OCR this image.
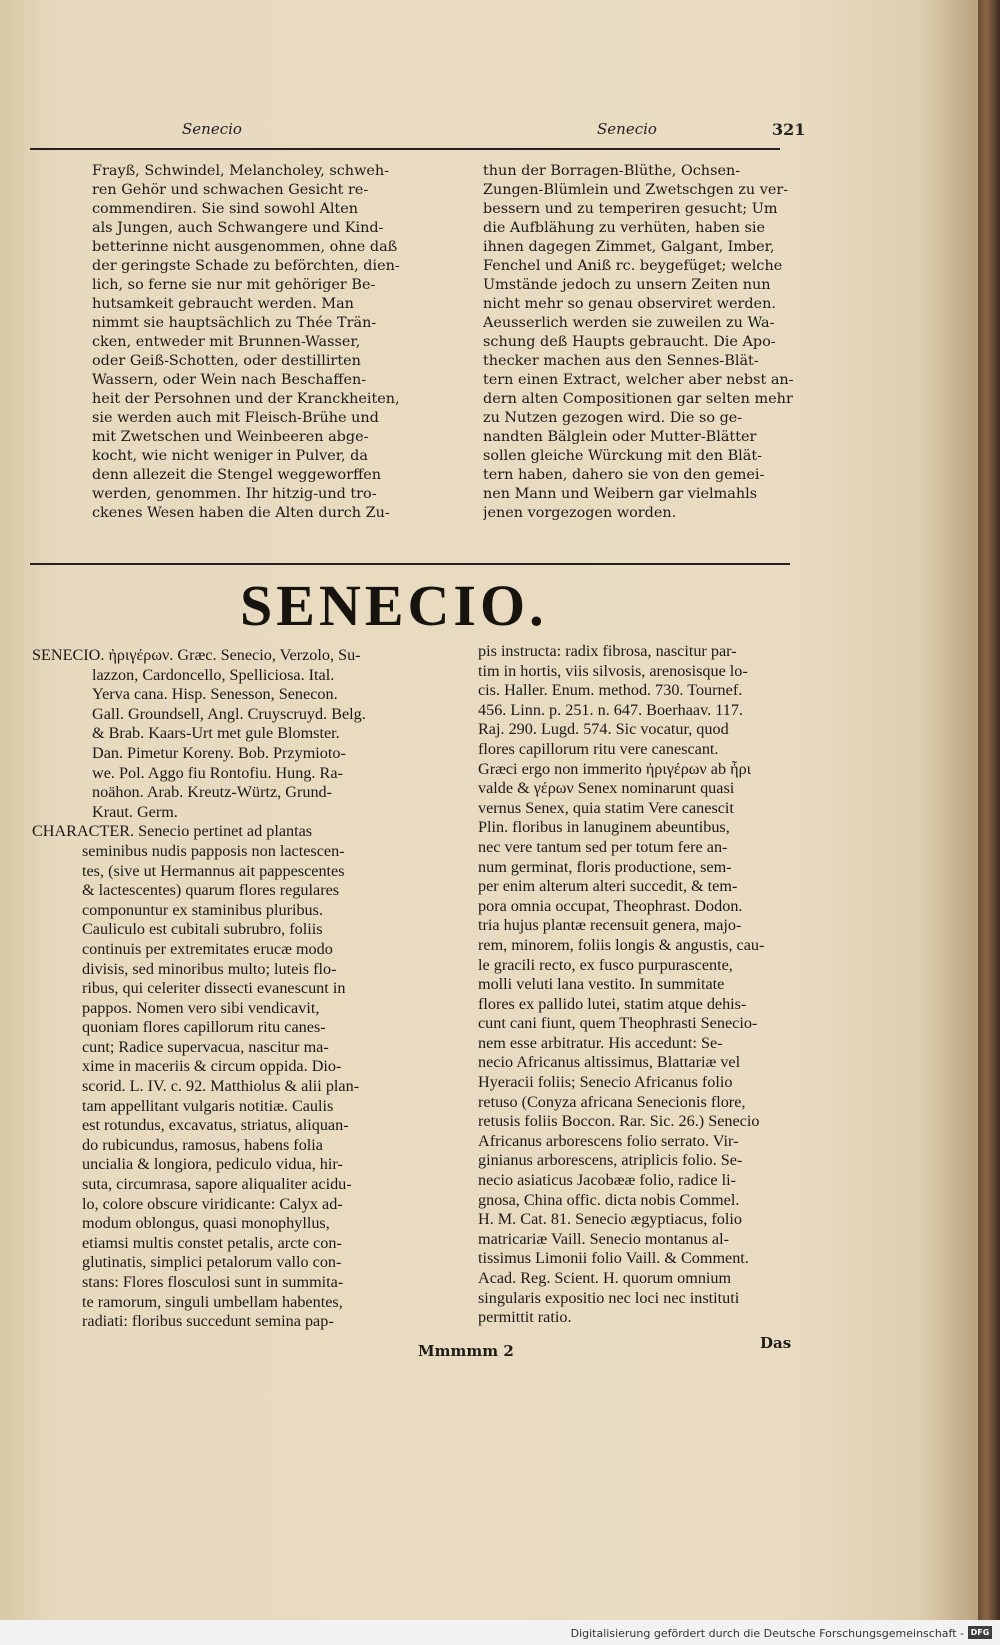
Senecio	Senecio	321
Frayß, Schwindel, Melancholey, schweh-
ren Gehör und schwachen Gesicht re-
commendiren. Sie sind sowohl Alten
als Jungen, auch Schwangere und Kind-
betterinne nicht ausgenommen, ohne daß
der geringste Schade zu beförchten, dien-
lich, so ferne sie nur mit gehöriger Be-
hutsamkeit gebraucht werden. Man
nimmt sie hauptsächlich zu Thée Trän-
cken, entweder mit Brunnen-Wasser,
oder Geiß-Schotten, oder destillirten
Wassern, oder Wein nach Beschaffen-
heit der Persohnen und der Kranckheiten,
sie werden auch mit Fleisch-Brühe und
mit Zwetschen und Weinbeeren abge-
kocht, wie nicht weniger in Pulver, da
denn allezeit die Stengel weggeworffen
werden, genommen. Ihr hitzig-und tro-
ckenes Wesen haben die Alten durch Zu-
thun der Borragen-Blüthe, Ochsen-
Zungen-Blümlein und Zwetschgen zu ver-
bessern und zu temperiren gesucht; Um
die Aufblähung zu verhüten, haben sie
ihnen dagegen Zimmet, Galgant, Imber,
Fenchel und Aniß rc. beygefüget; welche
Umstände jedoch zu unsern Zeiten nun
nicht mehr so genau observiret werden.
Aeusserlich werden sie zuweilen zu Wa-
schung deß Haupts gebraucht. Die Apo-
thecker machen aus den Sennes-Blät-
tern einen Extract, welcher aber nebst an-
dern alten Compositionen gar selten mehr
zu Nutzen gezogen wird. Die so ge-
nandten Bälglein oder Mutter-Blätter
sollen gleiche Würckung mit den Blät-
tern haben, dahero sie von den gemei-
nen Mann und Weibern gar vielmahls
jenen vorgezogen worden.
SENECIO.
SENECIO. ἠριγέρων. Græc. Senecio, Verzolo, Su-
lazzon, Cardoncello, Spelliciosa. Ital.
Yerva cana. Hisp. Senesson, Senecon.
Gall. Groundsell, Angl. Cruyscruyd. Belg.
& Brab. Kaars-Urt met gule Blomster.
Dan. Pimetur Koreny. Bob. Przymioto-
we. Pol. Aggo fiu Rontofiu. Hung. Ra-
noähon. Arab. Kreutz-Würtz, Grund-
Kraut. Germ.
CHARACTER. Senecio pertinet ad plantas
seminibus nudis papposis non lactescen-
tes, (sive ut Hermannus ait pappescentes
& lactescentes) quarum flores regulares
componuntur ex staminibus pluribus.
Cauliculo est cubitali subrubro, foliis
continuis per extremitates erucæ modo
divisis, sed minoribus multo; luteis flo-
ribus, qui celeriter dissecti evanescunt in
pappos. Nomen vero sibi vendicavit,
quoniam flores capillorum ritu canes-
cunt; Radice supervacua, nascitur ma-
xime in maceriis & circum oppida. Dio-
scorid. L. IV. c. 92. Matthiolus & alii plan-
tam appellitant vulgaris notitiæ. Caulis
est rotundus, excavatus, striatus, aliquan-
do rubicundus, ramosus, habens folia
uncialia & longiora, pediculo vidua, hir-
suta, circumrasa, sapore aliqualiter acidu-
lo, colore obscure viridicante: Calyx ad-
modum oblongus, quasi monophyllus,
etiamsi multis constet petalis, arcte con-
glutinatis, simplici petalorum vallo con-
stans: Flores flosculosi sunt in summita-
te ramorum, singuli umbellam habentes,
radiati: floribus succedunt semina pap-
pis instructa: radix fibrosa, nascitur par-
tim in hortis, viis silvosis, arenosisque lo-
cis. Haller. Enum. method. 730. Tournef.
456. Linn. p. 251. n. 647. Boerhaav. 117.
Raj. 290. Lugd. 574. Sic vocatur, quod
flores capillorum ritu vere canescant.
Græci ergo non immerito ἠριγέρων ab ἦρι
valde & γέρων Senex nominarunt quasi
vernus Senex, quia statim Vere canescit
Plin. floribus in lanuginem abeuntibus,
nec vere tantum sed per totum fere an-
num germinat, floris productione, sem-
per enim alterum alteri succedit, & tem-
pora omnia occupat, Theophrast. Dodon.
tria hujus plantæ recensuit genera, majo-
rem, minorem, foliis longis & angustis, cau-
le gracili recto, ex fusco purpurascente,
molli veluti lana vestito. In summitate
flores ex pallido lutei, statim atque dehis-
cunt cani fiunt, quem Theophrasti Senecio-
nem esse arbitratur. His accedunt: Se-
necio Africanus altissimus, Blattariæ vel
Hyeracii foliis; Senecio Africanus folio
retuso (Conyza africana Senecionis flore,
retusis foliis Boccon. Rar. Sic. 26.) Senecio
Africanus arborescens folio serrato. Vir-
ginianus arborescens, atriplicis folio. Se-
necio asiaticus Jacobææ folio, radice li-
gnosa, China offic. dicta nobis Commel.
H. M. Cat. 81. Senecio ægyptiacus, folio
matricariæ Vaill. Senecio montanus al-
tissimus Limonii folio Vaill. & Comment.
Acad. Reg. Scient. H. quorum omnium
singularis expositio nec loci nec instituti
permittit ratio.
Mmmmm 2	Das
Digitalisierung gefördert durch die Deutsche Forschungsgemeinschaft - DFG
